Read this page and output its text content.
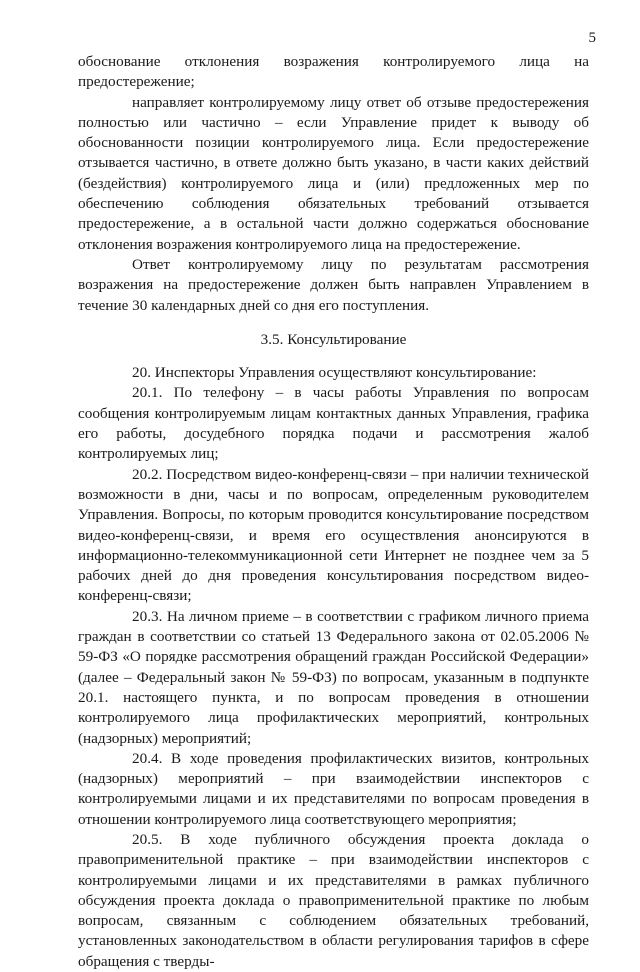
5

обоснование отклонения возражения контролируемого лица на предостережение;

направляет контролируемому лицу ответ об отзыве предостережения полностью или частично – если Управление придет к выводу об обоснованности позиции контролируемого лица. Если предостережение отзывается частично, в ответе должно быть указано, в части каких действий (бездействия) контролируемого лица и (или) предложенных мер по обеспечению соблюдения обязательных требований отзывается предостережение, а в остальной части должно содержаться обоснование отклонения возражения контролируемого лица на предостережение.

Ответ контролируемому лицу по результатам рассмотрения возражения на предостережение должен быть направлен Управлением в течение 30 календарных дней со дня его поступления.

3.5. Консультирование

20. Инспекторы Управления осуществляют консультирование:

20.1. По телефону – в часы работы Управления по вопросам сообщения контролируемым лицам контактных данных Управления, графика его работы, досудебного порядка подачи и рассмотрения жалоб контролируемых лиц;

20.2. Посредством видео-конференц-связи – при наличии технической возможности в дни, часы и по вопросам, определенным руководителем Управления. Вопросы, по которым проводится консультирование посредством видео-конференц-связи, и время его осуществления анонсируются в информационно-телекоммуникационной сети Интернет не позднее чем за 5 рабочих дней до дня проведения консультирования посредством видео-конференц-связи;

20.3. На личном приеме – в соответствии с графиком личного приема граждан в соответствии со статьей 13 Федерального закона от 02.05.2006 № 59-ФЗ «О порядке рассмотрения обращений граждан Российской Федерации» (далее – Федеральный закон № 59-ФЗ) по вопросам, указанным в подпункте 20.1. настоящего пункта, и по вопросам проведения в отношении контролируемого лица профилактических мероприятий, контрольных (надзорных) мероприятий;

20.4. В ходе проведения профилактических визитов, контрольных (надзорных) мероприятий – при взаимодействии инспекторов с контролируемыми лицами и их представителями по вопросам проведения в отношении контролируемого лица соответствующего мероприятия;

20.5. В ходе публичного обсуждения проекта доклада о правоприменительной практике – при взаимодействии инспекторов с контролируемыми лицами и их представителями в рамках публичного обсуждения проекта доклада о правоприменительной практике по любым вопросам, связанным с соблюдением обязательных требований, установленных законодательством в области регулирования тарифов в сфере обращения с тверды-
